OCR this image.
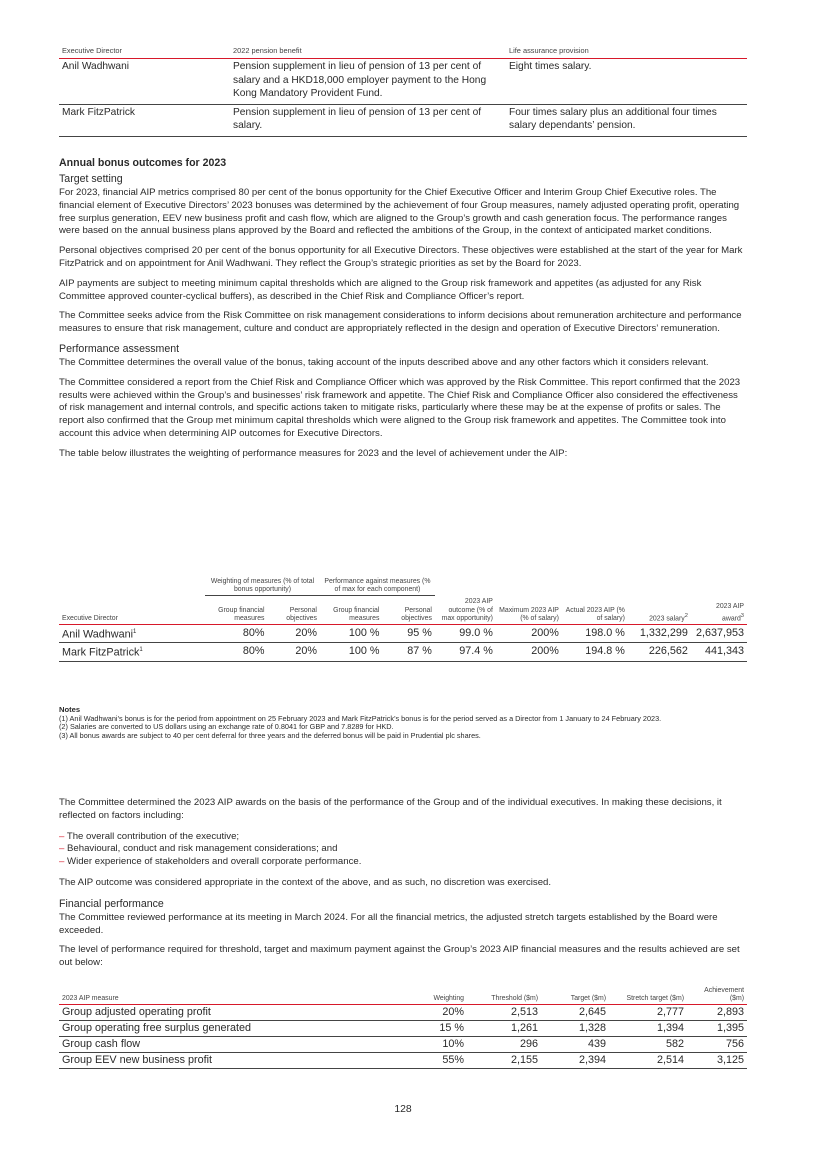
Executive Director	2022 pension benefit	Life assurance provision
Anil Wadhwani	Pension supplement in lieu of pension of 13 per cent of salary and a HKD18,000 employer payment to the Hong Kong Mandatory Provident Fund.	Eight times salary.
Mark FitzPatrick	Pension supplement in lieu of pension of 13 per cent of salary.	Four times salary plus an additional four times salary dependants’ pension.
Annual bonus outcomes for 2023
Target setting

For 2023, financial AIP metrics comprised 80 per cent of the bonus opportunity for the Chief Executive Officer and Interim Group Chief Executive roles. The financial element of Executive Directors’ 2023 bonuses was determined by the achievement of four Group measures, namely adjusted operating profit, operating free surplus generation, EEV new business profit and cash flow, which are aligned to the Group’s growth and cash generation focus. The performance ranges were based on the annual business plans approved by the Board and reflected the ambitions of the Group, in the context of anticipated market conditions.

Personal objectives comprised 20 per cent of the bonus opportunity for all Executive Directors. These objectives were established at the start of the year for Mark FitzPatrick and on appointment for Anil Wadhwani. They reflect the Group’s strategic priorities as set by the Board for 2023.

AIP payments are subject to meeting minimum capital thresholds which are aligned to the Group risk framework and appetites (as adjusted for any Risk Committee approved counter-cyclical buffers), as described in the Chief Risk and Compliance Officer’s report.

The Committee seeks advice from the Risk Committee on risk management considerations to inform decisions about remuneration architecture and performance measures to ensure that risk management, culture and conduct are appropriately reflected in the design and operation of Executive Directors’ remuneration.

Performance assessment

The Committee determines the overall value of the bonus, taking account of the inputs described above and any other factors which it considers relevant.

The Committee considered a report from the Chief Risk and Compliance Officer which was approved by the Risk Committee. This report confirmed that the 2023 results were achieved within the Group’s and businesses’ risk framework and appetite. The Chief Risk and Compliance Officer also considered the effectiveness of risk management and internal controls, and specific actions taken to mitigate risks, particularly where these may be at the expense of profits or sales. The report also confirmed that the Group met minimum capital thresholds which were aligned to the Group risk framework and appetites. The Committee took into account this advice when determining AIP outcomes for Executive Directors.

The table below illustrates the weighting of performance measures for 2023 and the level of achievement under the AIP:

	Weighting of measures (% of total bonus opportunity)		Performance against measures (% of max for each component)						
Executive Director	Group financial measures	Personal objectives	Group financial measures	Personal objectives	2023 AIP outcome (% of max opportunity)	Maximum 2023 AIP (% of salary)	Actual 2023 AIP (% of salary)	2023 salary$^2$	2023 AIP award$^3$
Anil Wadhwani$^1$	80%	20%	100 %	95 %	99.0 %	200%	198.0 %	1,332,299	2,637,953
Mark FitzPatrick$^1$	80%	20%	100 %	87 %	97.4 %	200%	194.8 %	226,562	441,343

Notes

(1) Anil Wadhwani’s bonus is for the period from appointment on 25 February 2023 and Mark FitzPatrick’s bonus is for the period served as a Director from 1 January to 24 February 2023.

(2) Salaries are converted to US dollars using an exchange rate of 0.8041 for GBP and 7.8289 for HKD.

(3) All bonus awards are subject to 40 per cent deferral for three years and the deferred bonus will be paid in Prudential plc shares.

The Committee determined the 2023 AIP awards on the basis of the performance of the Group and of the individual executives. In making these decisions, it reflected on factors including:

– The overall contribution of the executive;
– Behavioural, conduct and risk management considerations; and
– Wider experience of stakeholders and overall corporate performance.

The AIP outcome was considered appropriate in the context of the above, and as such, no discretion was exercised.

Financial performance

The Committee reviewed performance at its meeting in March 2024. For all the financial metrics, the adjusted stretch targets established by the Board were exceeded.

The level of performance required for threshold, target and maximum payment against the Group’s 2023 AIP financial measures and the results achieved are set out below:

2023 AIP measure	Weighting	Threshold ($m)	Target ($m)	Stretch target ($m)	Achievement ($m)
Group adjusted operating profit	20%	2,513	2,645	2,777	2,893
Group operating free surplus generated	15 %	1,261	1,328	1,394	1,395
Group cash flow	10%	296	439	582	756
Group EEV new business profit	55%	2,155	2,394	2,514	3,125
128
